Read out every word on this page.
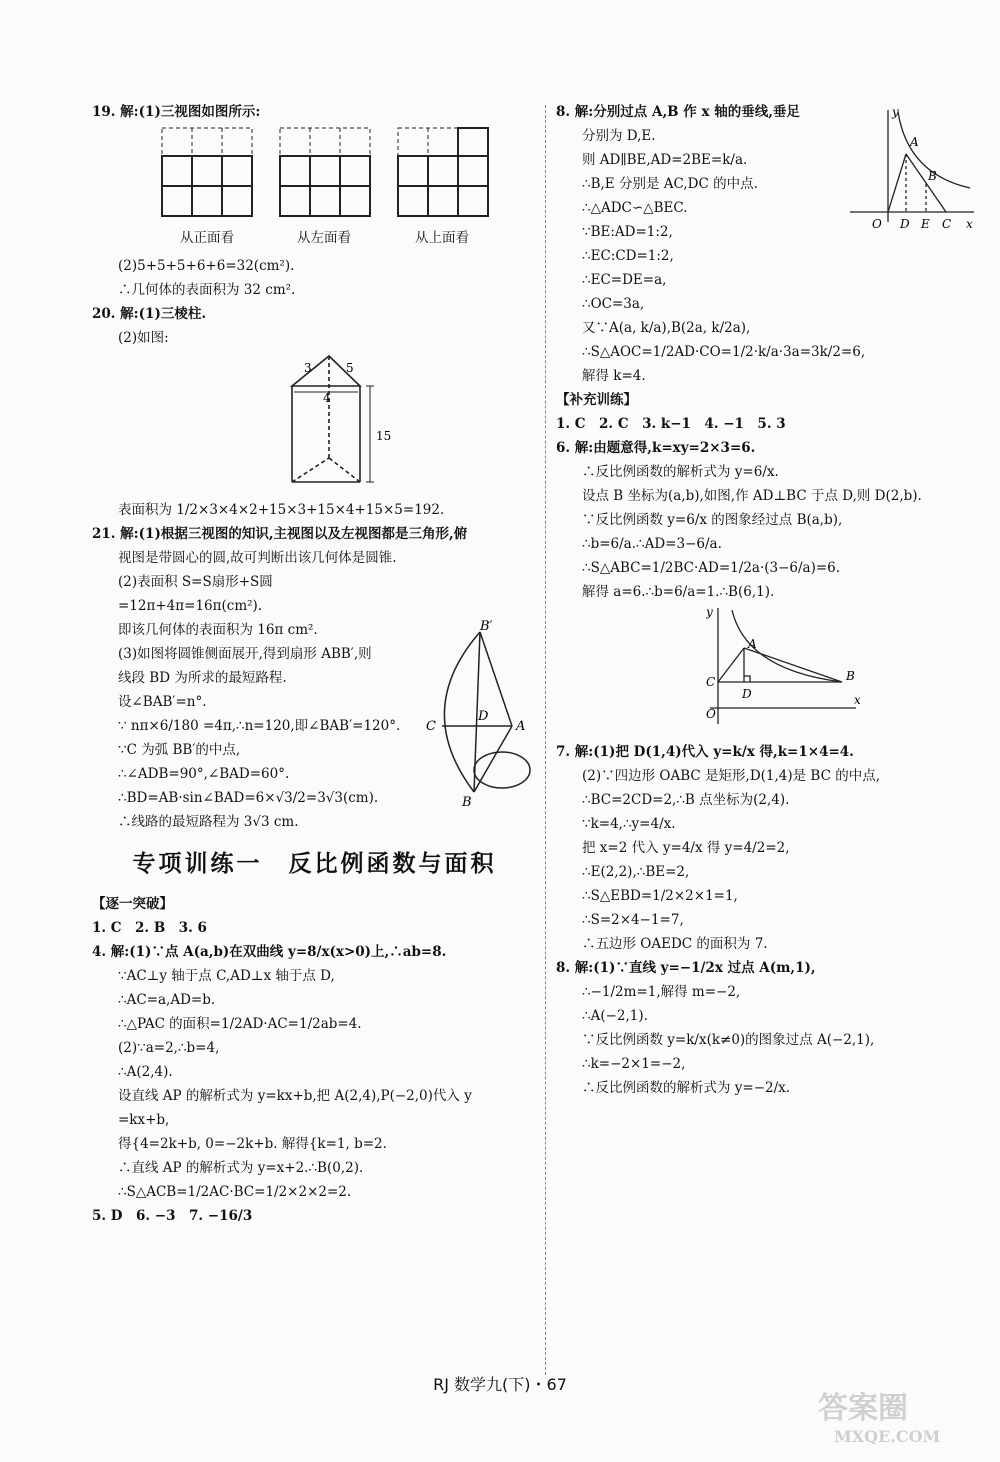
19. 解:(1)三视图如图所示:
从正面看	从左面看	从上面看
(2)5+5+5+6+6=32(cm²).
∴几何体的表面积为 32 cm².
20. 解:(1)三棱柱.
(2)如图:
3	5
4
15
表面积为 1/2×3×4×2+15×3+15×4+15×5=192.
21. 解:(1)根据三视图的知识,主视图以及左视图都是三角形,俯
视图是带圆心的圆,故可判断出该几何体是圆锥.
(2)表面积 S=S扇形+S圆
=12π+4π=16π(cm²).
即该几何体的表面积为 16π cm².
(3)如图将圆锥侧面展开,得到扇形 ABB′,则
线段 BD 为所求的最短路程.
设∠BAB′=n°.
∵ nπ×6/180 =4π,∴n=120,即∠BAB′=120°.
∵C 为弧 BB′的中点,
∴∠ADB=90°,∠BAD=60°.
∴BD=AB·sin∠BAD=6×√3/2=3√3(cm).
∴线路的最短路程为 3√3 cm.
B′
C
D
A
B
专项训练一　反比例函数与面积
【逐一突破】
1. C　2. B　3. 6
4. 解:(1)∵点 A(a,b)在双曲线 y=8/x(x>0)上,∴ab=8.
∵AC⊥y 轴于点 C,AD⊥x 轴于点 D,
∴AC=a,AD=b.
∴△PAC 的面积=1/2AD·AC=1/2ab=4.
(2)∵a=2,∴b=4,
∴A(2,4).
设直线 AP 的解析式为 y=kx+b,把 A(2,4),P(−2,0)代入 y
=kx+b,
得{4=2k+b, 0=−2k+b. 解得{k=1, b=2.
∴直线 AP 的解析式为 y=x+2.∴B(0,2).
∴S△ACB=1/2AC·BC=1/2×2×2=2.
5. D　6. −3　7. −16/3
8. 解:分别过点 A,B 作 x 轴的垂线,垂足
分别为 D,E.
则 AD∥BE,AD=2BE=k/a.
∴B,E 分别是 AC,DC 的中点.
∴△ADC∽△BEC.
∵BE:AD=1:2,
∴EC:CD=1:2,
∴EC=DE=a,
∴OC=3a,
又∵A(a, k/a),B(2a, k/2a),
∴S△AOC=1/2AD·CO=1/2·k/a·3a=3k/2=6,
解得 k=4.
y
A
B
O D E C x
【补充训练】
1. C　2. C　3. k−1　4. −1　5. 3
6. 解:由题意得,k=xy=2×3=6.
∴反比例函数的解析式为 y=6/x.
设点 B 坐标为(a,b),如图,作 AD⊥BC 于点 D,则 D(2,b).
∵反比例函数 y=6/x 的图象经过点 B(a,b),
∴b=6/a.∴AD=3−6/a.
∴S△ABC=1/2BC·AD=1/2a·(3−6/a)=6.
解得 a=6.∴b=6/a=1.∴B(6,1).
y
A
C
D
B
O
x
7. 解:(1)把 D(1,4)代入 y=k/x 得,k=1×4=4.
(2)∵四边形 OABC 是矩形,D(1,4)是 BC 的中点,
∴BC=2CD=2,∴B 点坐标为(2,4).
∵k=4,∴y=4/x.
把 x=2 代入 y=4/x 得 y=4/2=2,
∴E(2,2),∴BE=2,
∴S△EBD=1/2×2×1=1,
∴S=2×4−1=7,
∴五边形 OAEDC 的面积为 7.
8. 解:(1)∵直线 y=−1/2x 过点 A(m,1),
∴−1/2m=1,解得 m=−2,
∴A(−2,1).
∵反比例函数 y=k/x(k≠0)的图象过点 A(−2,1),
∴k=−2×1=−2,
∴反比例函数的解析式为 y=−2/x.
RJ 数学九(下)・67
答案圈
MXQE.COM
